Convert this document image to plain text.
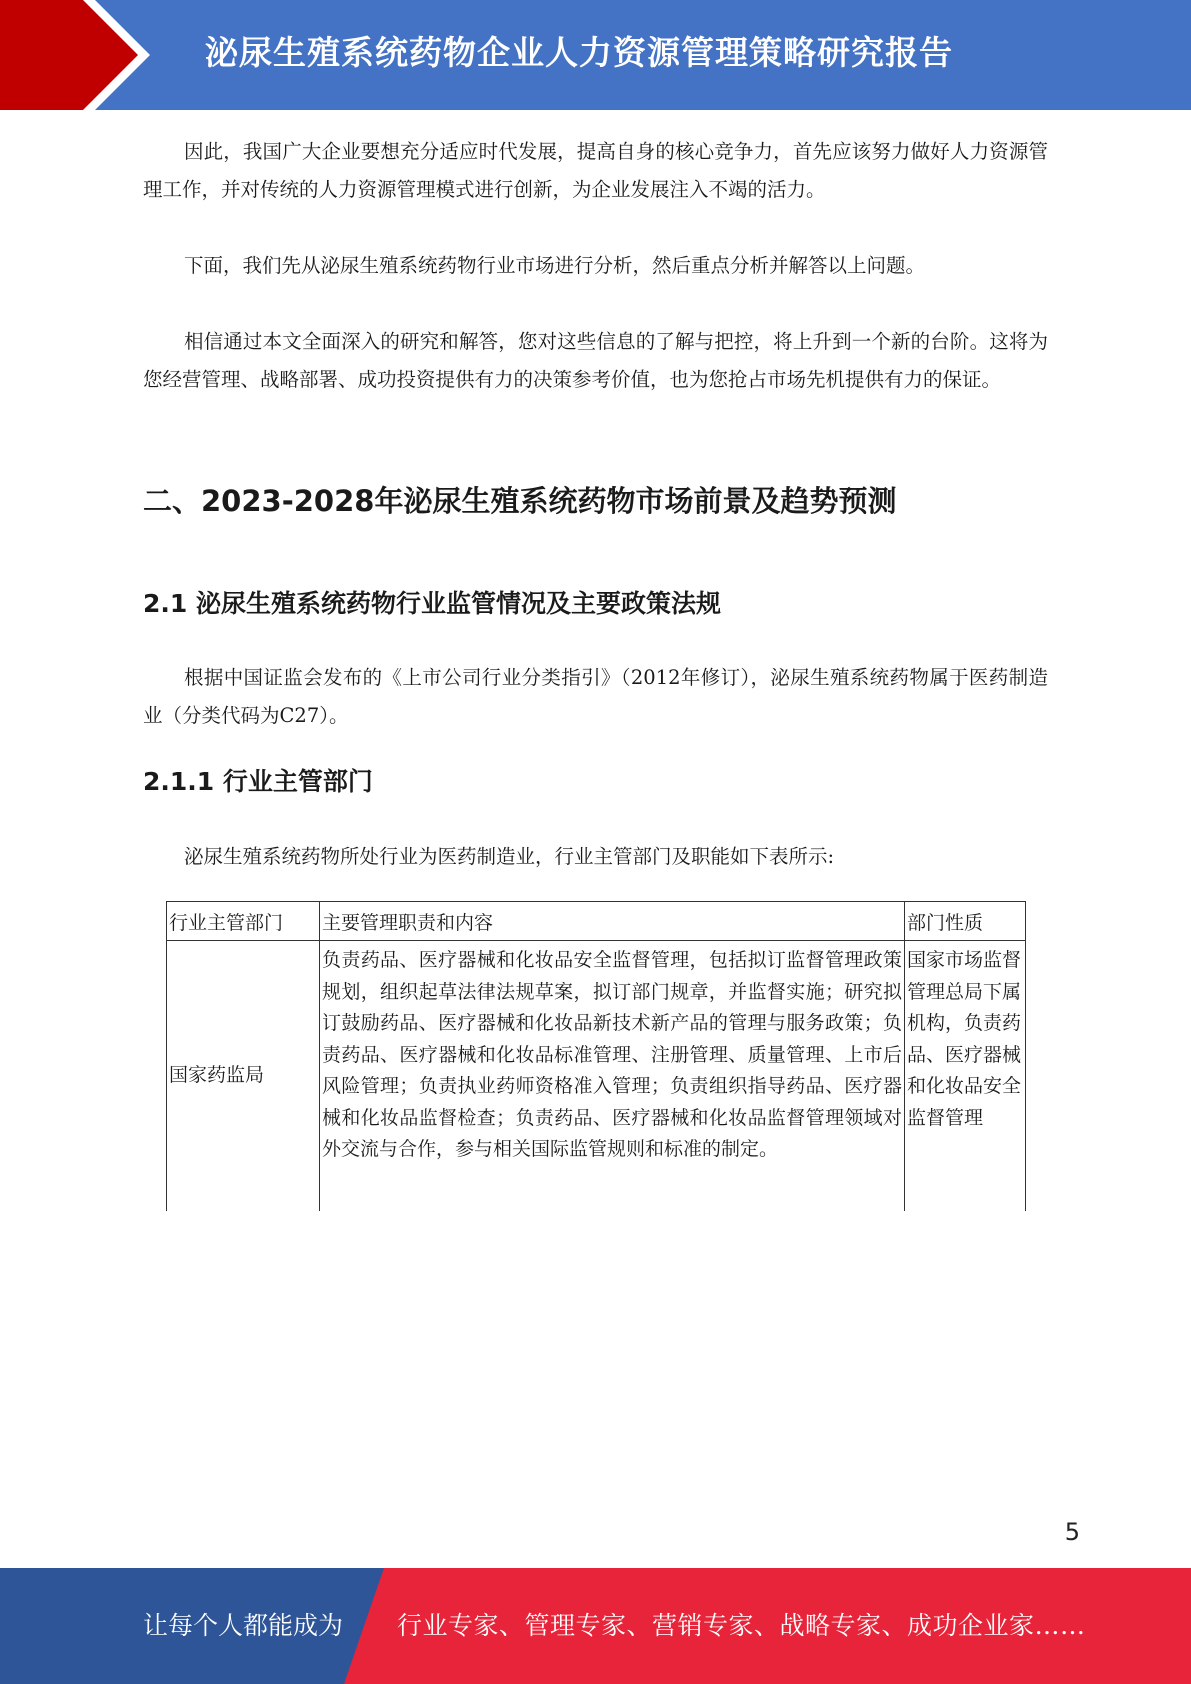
泌尿生殖系统药物企业人力资源管理策略研究报告

因此，我国广大企业要想充分适应时代发展，提高自身的核心竞争力，首先应该努力做好人力资源管理工作，并对传统的人力资源管理模式进行创新，为企业发展注入不竭的活力。

下面，我们先从泌尿生殖系统药物行业市场进行分析，然后重点分析并解答以上问题。

相信通过本文全面深入的研究和解答，您对这些信息的了解与把控，将上升到一个新的台阶。这将为您经营管理、战略部署、成功投资提供有力的决策参考价值，也为您抢占市场先机提供有力的保证。

二、2023-2028年泌尿生殖系统药物市场前景及趋势预测
2.1 泌尿生殖系统药物行业监管情况及主要政策法规

根据中国证监会发布的《上市公司行业分类指引》（2012年修订），泌尿生殖系统药物属于医药制造业（分类代码为C27）。

2.1.1 行业主管部门

泌尿生殖系统药物所处行业为医药制造业，行业主管部门及职能如下表所示:

行业主管部门	主要管理职责和内容	部门性质
国家药监局	负责药品、医疗器械和化妆品安全监督管理，包括拟订监督管理政策规划，组织起草法律法规草案，拟订部门规章，并监督实施；研究拟订鼓励药品、医疗器械和化妆品新技术新产品的管理与服务政策；负责药品、医疗器械和化妆品标准管理、注册管理、质量管理、上市后风险管理；负责执业药师资格准入管理；负责组织指导药品、医疗器械和化妆品监督检查；负责药品、医疗器械和化妆品监督管理领域对外交流与合作，参与相关国际监管规则和标准的制定。	国家市场监督管理总局下属机构，负责药品、医疗器械和化妆品安全监督管理
5
让每个人都能成为 行业专家、管理专家、营销专家、战略专家、成功企业家……
